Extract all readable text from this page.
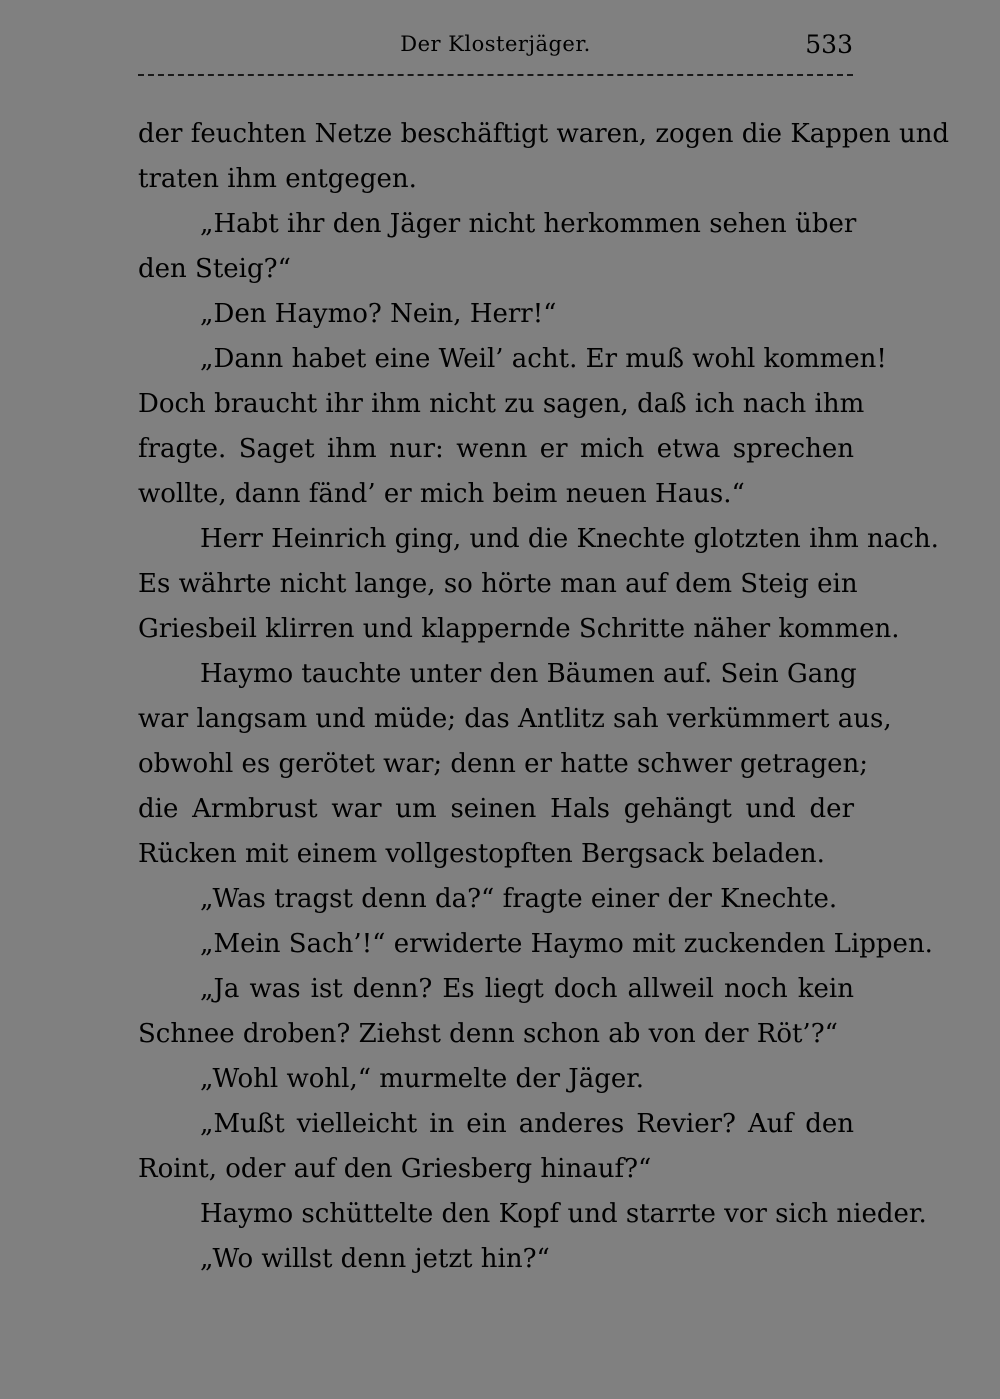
Der Klosterjäger.	533
der feuchten Netze beschäftigt waren, zogen die Kappen und
traten ihm entgegen.
„Habt ihr den Jäger nicht herkommen sehen über
den Steig?“
„Den Haymo? Nein, Herr!“
„Dann habet eine Weil’ acht. Er muß wohl kommen!
Doch braucht ihr ihm nicht zu sagen, daß ich nach ihm
fragte. Saget ihm nur: wenn er mich etwa sprechen
wollte, dann fänd’ er mich beim neuen Haus.“
Herr Heinrich ging, und die Knechte glotzten ihm nach.
Es währte nicht lange, so hörte man auf dem Steig ein
Griesbeil klirren und klappernde Schritte näher kommen.
Haymo tauchte unter den Bäumen auf. Sein Gang
war langsam und müde; das Antlitz sah verkümmert aus,
obwohl es gerötet war; denn er hatte schwer getragen;
die Armbrust war um seinen Hals gehängt und der
Rücken mit einem vollgestopften Bergsack beladen.
„Was tragst denn da?“ fragte einer der Knechte.
„Mein Sach’!“ erwiderte Haymo mit zuckenden Lippen.
„Ja was ist denn? Es liegt doch allweil noch kein
Schnee droben? Ziehst denn schon ab von der Röt’?“
„Wohl wohl,“ murmelte der Jäger.
„Mußt vielleicht in ein anderes Revier? Auf den
Roint, oder auf den Griesberg hinauf?“
Haymo schüttelte den Kopf und starrte vor sich nieder.
„Wo willst denn jetzt hin?“
